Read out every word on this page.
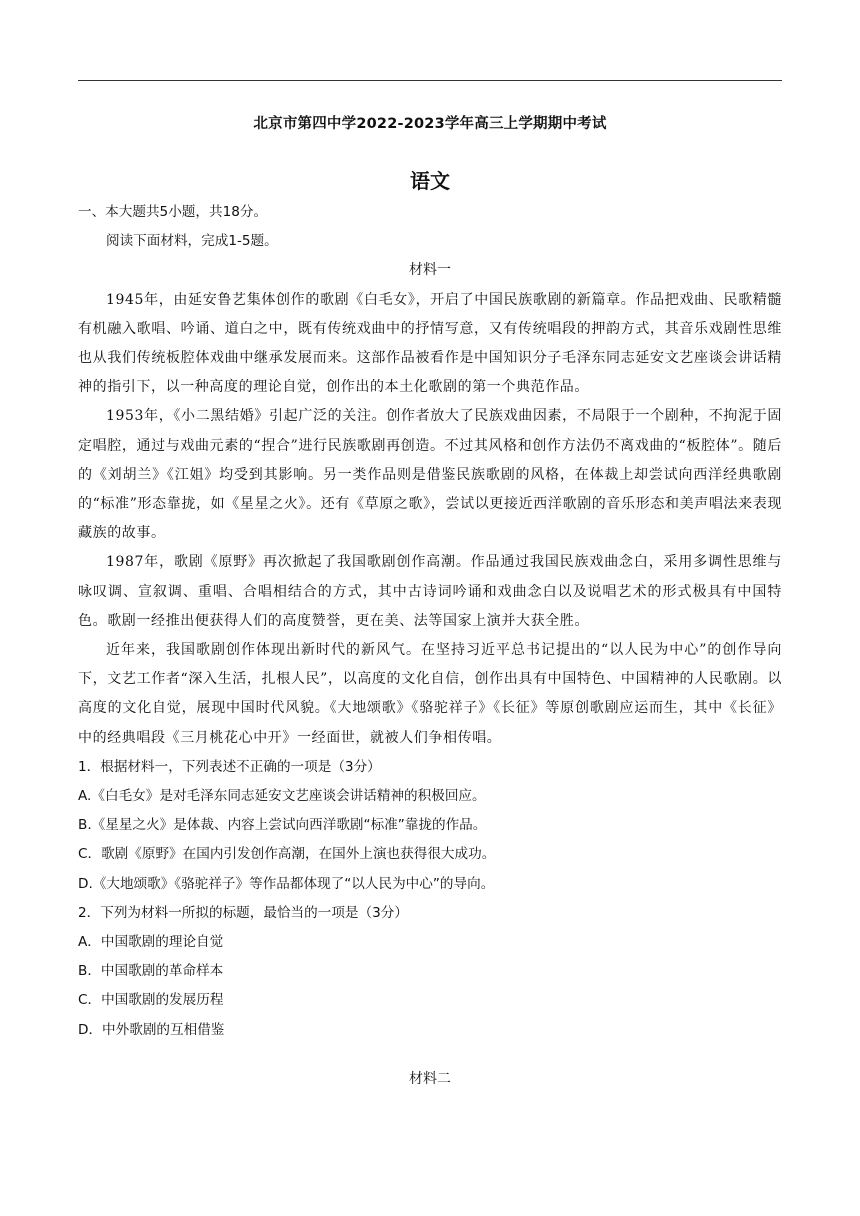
北京市第四中学2022-2023学年高三上学期期中考试
语文
一、本大题共5小题，共18分。
阅读下面材料，完成1-5题。
材料一

1945年，由延安鲁艺集体创作的歌剧《白毛女》，开启了中国民族歌剧的新篇章。作品把戏曲、民歌精髓有机融入歌唱、吟诵、道白之中，既有传统戏曲中的抒情写意，又有传统唱段的押韵方式，其音乐戏剧性思维也从我们传统板腔体戏曲中继承发展而来。这部作品被看作是中国知识分子毛泽东同志延安文艺座谈会讲话精神的指引下，以一种高度的理论自觉，创作出的本土化歌剧的第一个典范作品。

1953年，《小二黑结婚》引起广泛的关注。创作者放大了民族戏曲因素，不局限于一个剧种，不拘泥于固定唱腔，通过与戏曲元素的“捏合”进行民族歌剧再创造。不过其风格和创作方法仍不离戏曲的“板腔体”。随后的《刘胡兰》《江姐》均受到其影响。另一类作品则是借鉴民族歌剧的风格，在体裁上却尝试向西洋经典歌剧的“标准”形态靠拢，如《星星之火》。还有《草原之歌》，尝试以更接近西洋歌剧的音乐形态和美声唱法来表现藏族的故事。

1987年，歌剧《原野》再次掀起了我国歌剧创作高潮。作品通过我国民族戏曲念白，采用多调性思维与咏叹调、宣叙调、重唱、合唱相结合的方式，其中古诗词吟诵和戏曲念白以及说唱艺术的形式极具有中国特色。歌剧一经推出便获得人们的高度赞誉，更在美、法等国家上演并大获全胜。

近年来，我国歌剧创作体现出新时代的新风气。在坚持习近平总书记提出的“以人民为中心”的创作导向下，文艺工作者“深入生活，扎根人民”，以高度的文化自信，创作出具有中国特色、中国精神的人民歌剧。以高度的文化自觉，展现中国时代风貌。《大地颂歌》《骆驼祥子》《长征》等原创歌剧应运而生，其中《长征》中的经典唱段《三月桃花心中开》一经面世，就被人们争相传唱。

1．根据材料一，下列表述不正确的一项是（3分）
A.《白毛女》是对毛泽东同志延安文艺座谈会讲话精神的积极回应。
B.《星星之火》是体裁、内容上尝试向西洋歌剧“标准”靠拢的作品。
C．歌剧《原野》在国内引发创作高潮，在国外上演也获得很大成功。
D.《大地颂歌》《骆驼祥子》等作品都体现了“以人民为中心”的导向。
2．下列为材料一所拟的标题，最恰当的一项是（3分）
A．中国歌剧的理论自觉
B．中国歌剧的革命样本
C．中国歌剧的发展历程
D．中外歌剧的互相借鉴
材料二
